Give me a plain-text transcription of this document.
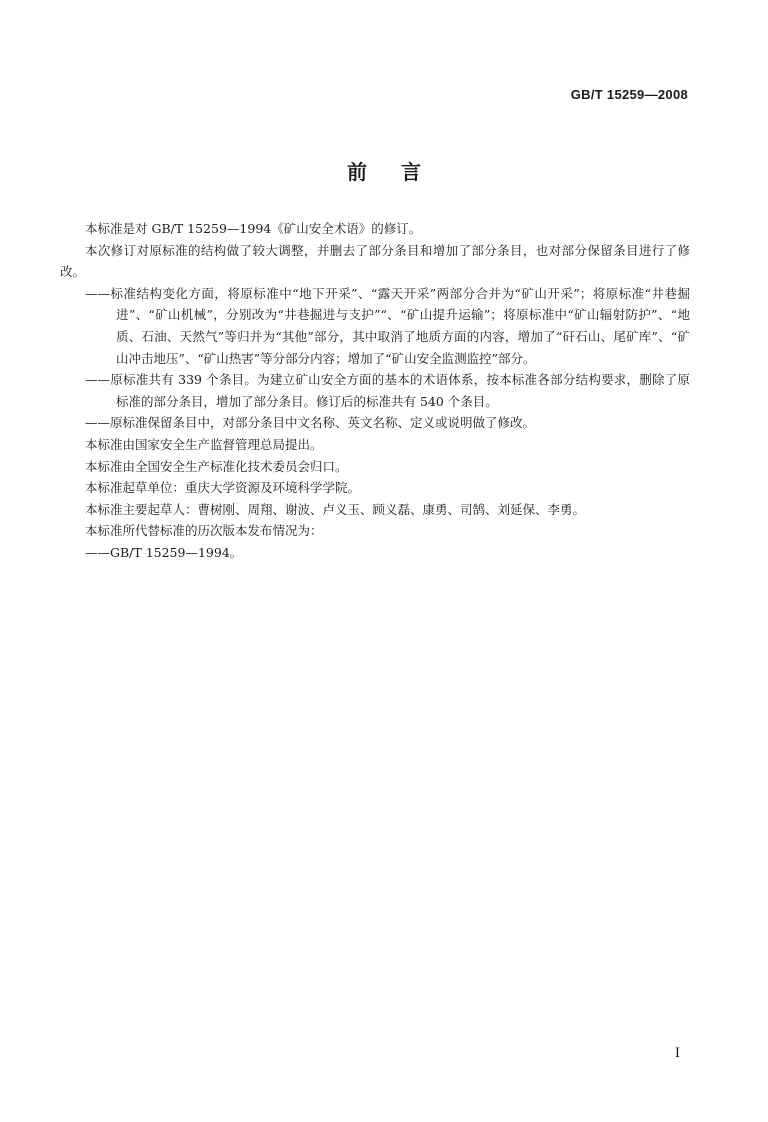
GB/T 15259—2008
前言

本标准是对 GB/T 15259—1994《矿山安全术语》的修订。

本次修订对原标准的结构做了较大调整，并删去了部分条目和增加了部分条目，也对部分保留条目进行了修改。

——标准结构变化方面，将原标准中“地下开采”、“露天开采”两部分合并为“矿山开采”；将原标准“井巷掘进”、“矿山机械”，分别改为“井巷掘进与支护”“、“矿山提升运输”；将原标准中“矿山辐射防护”、“地质、石油、天然气”等归并为“其他”部分，其中取消了地质方面的内容，增加了“矸石山、尾矿库”、“矿山冲击地压”、“矿山热害”等分部分内容；增加了“矿山安全监测监控”部分。

——原标准共有 339 个条目。为建立矿山安全方面的基本的术语体系，按本标准各部分结构要求，删除了原标准的部分条目，增加了部分条目。修订后的标准共有 540 个条目。

——原标准保留条目中，对部分条目中文名称、英文名称、定义或说明做了修改。

本标准由国家安全生产监督管理总局提出。

本标准由全国安全生产标准化技术委员会归口。

本标准起草单位：重庆大学资源及环境科学学院。

本标准主要起草人：曹树刚、周翔、谢波、卢义玉、顾义磊、康勇、司鹄、刘延保、李勇。

本标准所代替标准的历次版本发布情况为：

——GB/T 15259—1994。

I
